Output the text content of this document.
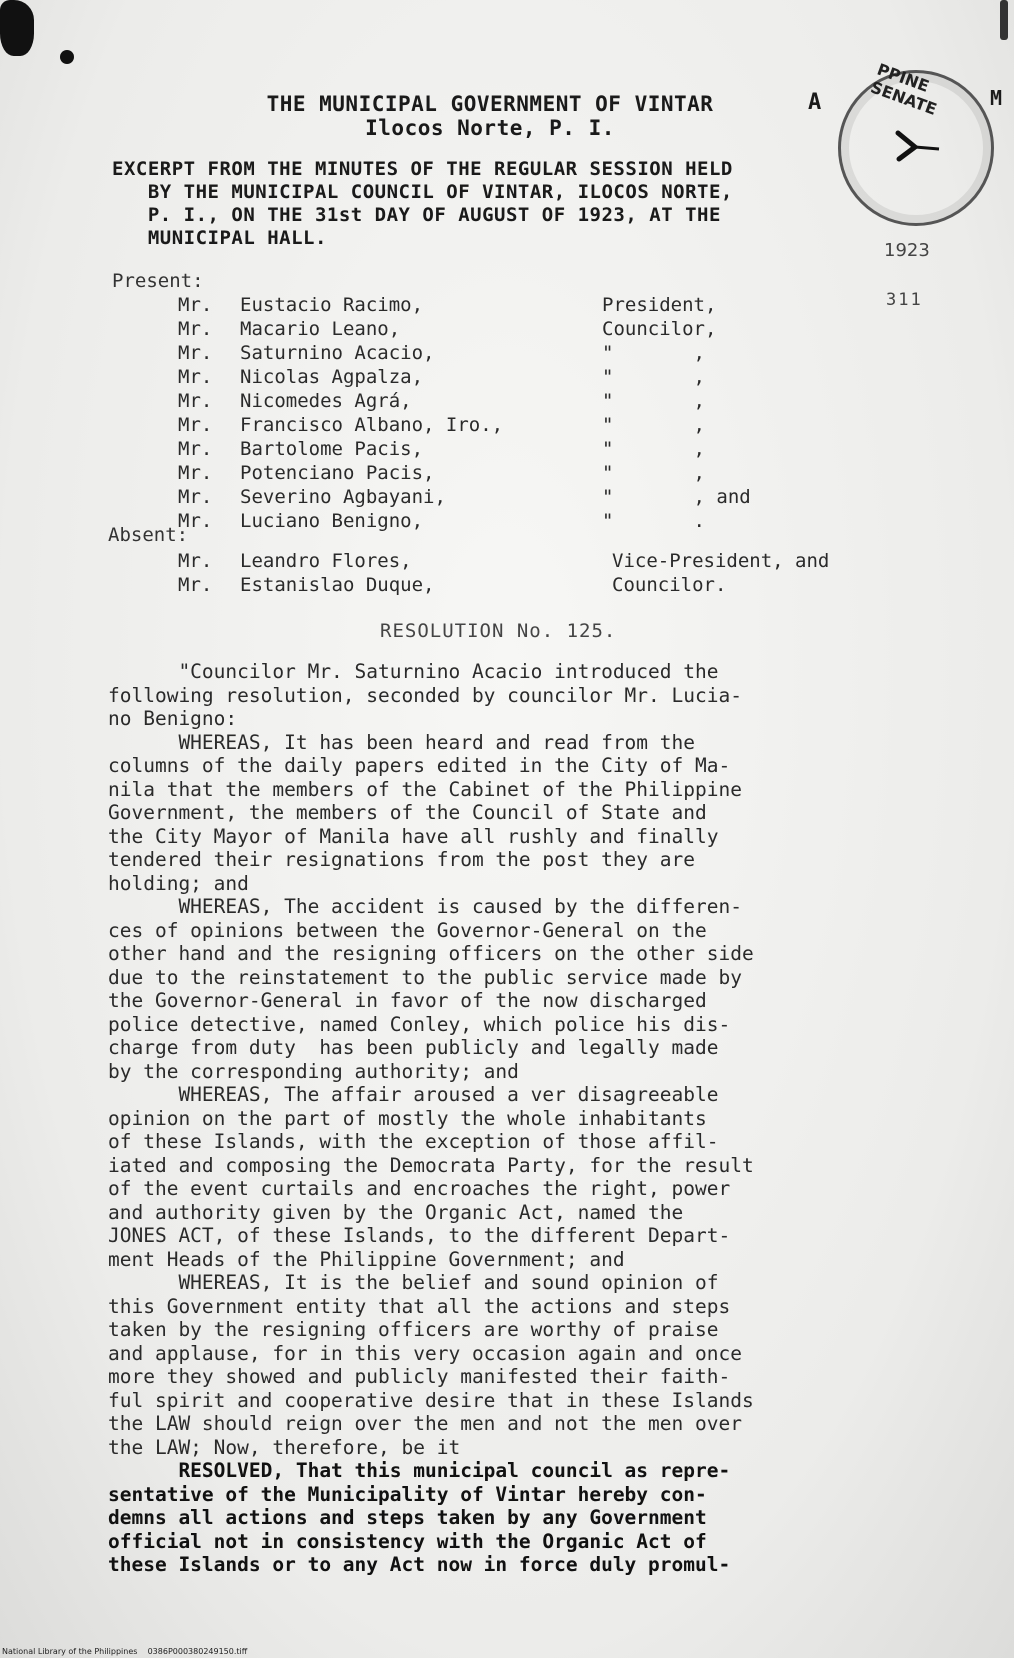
THE MUNICIPAL GOVERNMENT OF VINTAR
Ilocos Norte, P. I.
A	M
PPINE SENATE
1923
311
EXCERPT FROM THE MINUTES OF THE REGULAR SESSION HELD
BY THE MUNICIPAL COUNCIL OF VINTAR, ILOCOS NORTE,
P. I., ON THE 31st DAY OF AUGUST OF 1923, AT THE
MUNICIPAL HALL.
Present:
Mr. Eustacio Racimo,	President,
Mr. Macario Leano,	Councilor,
Mr. Saturnino Acacio,	"       ,
Mr. Nicolas Agpalza,	"       ,
Mr. Nicomedes Agrá,	"       ,
Mr. Francisco Albano, Iro.,	"       ,
Mr. Bartolome Pacis,	"       ,
Mr. Potenciano Pacis,	"       ,
Mr. Severino Agbayani,	"       , and
Mr. Luciano Benigno,	"       .
Absent:
Mr. Leandro Flores,	Vice-President, and
Mr. Estanislao Duque,	Councilor.
RESOLUTION No. 125.
"Councilor Mr. Saturnino Acacio introduced the
following resolution, seconded by councilor Mr. Lucia-
no Benigno:
WHEREAS, It has been heard and read from the
columns of the daily papers edited in the City of Ma-
nila that the members of the Cabinet of the Philippine
Government, the members of the Council of State and
the City Mayor of Manila have all rushly and finally
tendered their resignations from the post they are
holding; and
WHEREAS, The accident is caused by the differen-
ces of opinions between the Governor-General on the
other hand and the resigning officers on the other side
due to the reinstatement to the public service made by
the Governor-General in favor of the now discharged
police detective, named Conley, which police his dis-
charge from duty  has been publicly and legally made
by the corresponding authority; and
WHEREAS, The affair aroused a ver disagreeable
opinion on the part of mostly the whole inhabitants
of these Islands, with the exception of those affil-
iated and composing the Democrata Party, for the result
of the event curtails and encroaches the right, power
and authority given by the Organic Act, named the
JONES ACT, of these Islands, to the different Depart-
ment Heads of the Philippine Government; and
WHEREAS, It is the belief and sound opinion of
this Government entity that all the actions and steps
taken by the resigning officers are worthy of praise
and applause, for in this very occasion again and once
more they showed and publicly manifested their faith-
ful spirit and cooperative desire that in these Islands
the LAW should reign over the men and not the men over
the LAW; Now, therefore, be it
RESOLVED, That this municipal council as repre-
sentative of the Municipality of Vintar hereby con-
demns all actions and steps taken by any Government
official not in consistency with the Organic Act of
these Islands or to any Act now in force duly promul-
National Library of the Philippines    0386P000380249150.tiff
